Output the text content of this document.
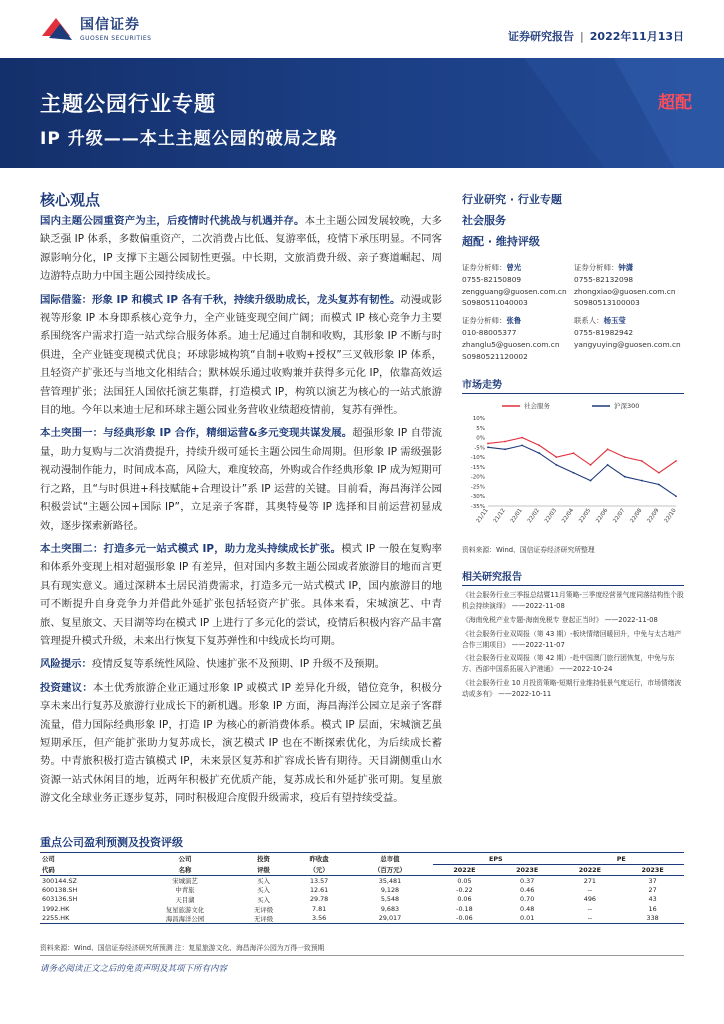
国信证券
GUOSEN SECURITIES	证券研究报告 | 2022年11月13日
主题公园行业专题
IP 升级——本土主题公园的破局之路
超配
核心观点

国内主题公园重资产为主，后疫情时代挑战与机遇并存。本土主题公园发展较晚，大多缺乏强 IP 体系，多数偏重资产，二次消费占比低、复游率低，疫情下承压明显。不同客源影响分化，IP 支撑下主题公园韧性更强。中长期，文旅消费升级、亲子赛道崛起、周边游特点助力中国主题公园持续成长。

国际借鉴：形象 IP 和模式 IP 各有千秋，持续升级助成长，龙头复苏有韧性。动漫或影视等形象 IP 本身即系核心竞争力，全产业链变现空间广阔；而模式 IP 核心竞争力主要系围绕客户需求打造一站式综合服务体系。迪士尼通过自制和收购，其形象 IP 不断与时俱进，全产业链变现模式优良；环球影城构筑“自制+收购+授权”三叉戟形象 IP 体系，且轻资产扩张还与当地文化相结合；默林娱乐通过收购兼并获得多元化 IP，依靠高效运营管理扩张；法国狂人国依托演艺集群，打造模式 IP，构筑以演艺为核心的一站式旅游目的地。今年以来迪士尼和环球主题公园业务营收业绩超疫情前，复苏有弹性。

本土突围一：与经典形象 IP 合作，精细运营&多元变现共谋发展。超强形象 IP 自带流量，助力复购与二次消费提升，持续升级可延长主题公园生命周期。但形象 IP 需级强影视动漫制作能力，时间成本高，风险大，难度较高，外购或合作经典形象 IP 成为短期可行之路，且“与时俱进+科技赋能+合理设计”系 IP 运营的关键。目前看，海昌海洋公园积极尝试“主题公园+国际 IP”，立足亲子客群，其奥特曼等 IP 选择和目前运营初显成效，逐步探索新路径。

本土突围二：打造多元一站式模式 IP，助力龙头持续成长扩张。模式 IP 一般在复购率和体系外变现上相对超强形象 IP 有差异，但对国内多数主题公园或者旅游目的地而言更具有现实意义。通过深耕本土居民消费需求，打造多元一站式模式 IP，国内旅游目的地可不断提升自身竞争力并借此外延扩张包括轻资产扩张。具体来看，宋城演艺、中青旅、复星旅文、天目湖等均在模式 IP 上进行了多元化的尝试，疫情后积极内容产品丰富管理提升模式升级，未来出行恢复下复苏弹性和中线成长均可期。

风险提示：疫情反复等系统性风险、快速扩张不及预期、IP 升级不及预期。

投资建议：本土优秀旅游企业正通过形象 IP 或模式 IP 差异化升级，错位竞争，积极分享未来出行复苏及旅游行业成长下的新机遇。形象 IP 方面，海昌海洋公园立足亲子客群流量，借力国际经典形象 IP，打造 IP 为核心的新消费体系。模式 IP 层面，宋城演艺虽短期承压，但产能扩张助力复苏成长，演艺模式 IP 也在不断探索优化，为后续成长蓄势。中青旅积极打造古镇模式 IP，未来景区复苏和扩容成长皆有期待。天目湖侧重山水资源一站式休闲目的地，近两年积极扩充优质产能，复苏成长和外延扩张可期。复星旅游文化全球业务正逐步复苏，同时积极迎合度假升级需求，疫后有望持续受益。

行业研究 · 行业专题
社会服务
超配 · 维持评级
证券分析师：曾光
0755-82150809
zengguang@guosen.com.cn
S0980511040003
证券分析师：钟潇
0755-82132098
zhongxiao@guosen.com.cn
S0980513100003
证券分析师：张鲁
010-88005377
zhanglu5@guosen.com.cn
S0980521120002
联系人：杨玉莹
0755-81982942
yangyuying@guosen.com.cn
市场走势
社会服务	沪深300
10%
5%
0%
-5%
-10%
-15%
-20%
-25%
-30%
-35%
21/11 21/12 22/01 22/02 22/03 22/04 22/05 22/06 22/07 22/08 22/09 22/10
资料来源：Wind、国信证券经济研究所整理
相关研究报告
《社会服务行业三季报总结暨11月策略-三季度经营景气度同落结构性个股机会持续演绎》 ——2022-11-08
《海南免税产业专题-海南免税专 登起正当时》 ——2022-11-08
《社会服务行业双周报（第 43 期）-板块情绪回暖回升，中免与太古地产合作三期项目》 ——2022-11-07
《社会服务行业双周报（第 42 期）-赴中国澳门旅行团恢复，中免与东方、西部中国系拓展入沪港通》 ——2022-10-24
《社会服务行业 10 月投资策略-短期行业维持低景气度运行，市场情绪波动或多有》 ——2022-10-11
重点公司盈利预测及投资评级
公司	公司	投资	昨收盘	总市值	EPS		PE	
代码	名称	评级	（元）	（百万元）	2022E	2023E	2022E	2023E
300144.SZ	宋城演艺	买入	13.57	35,481	0.05	0.37	271	37
600138.SH	中青旅	买入	12.61	9,128	-0.22	0.46	--	27
603136.SH	天目湖	买入	29.78	5,548	0.06	0.70	496	43
1992.HK	复星旅游文化	无评级	7.81	9,683	-0.18	0.48	--	16
2255.HK	海昌海洋公园	无评级	3.56	29,017	-0.06	0.01	--	338
资料来源：Wind、国信证券经济研究所预测 注：复星旅游文化、海昌海洋公园为万得一致预期
请务必阅读正文之后的免责声明及其项下所有内容
